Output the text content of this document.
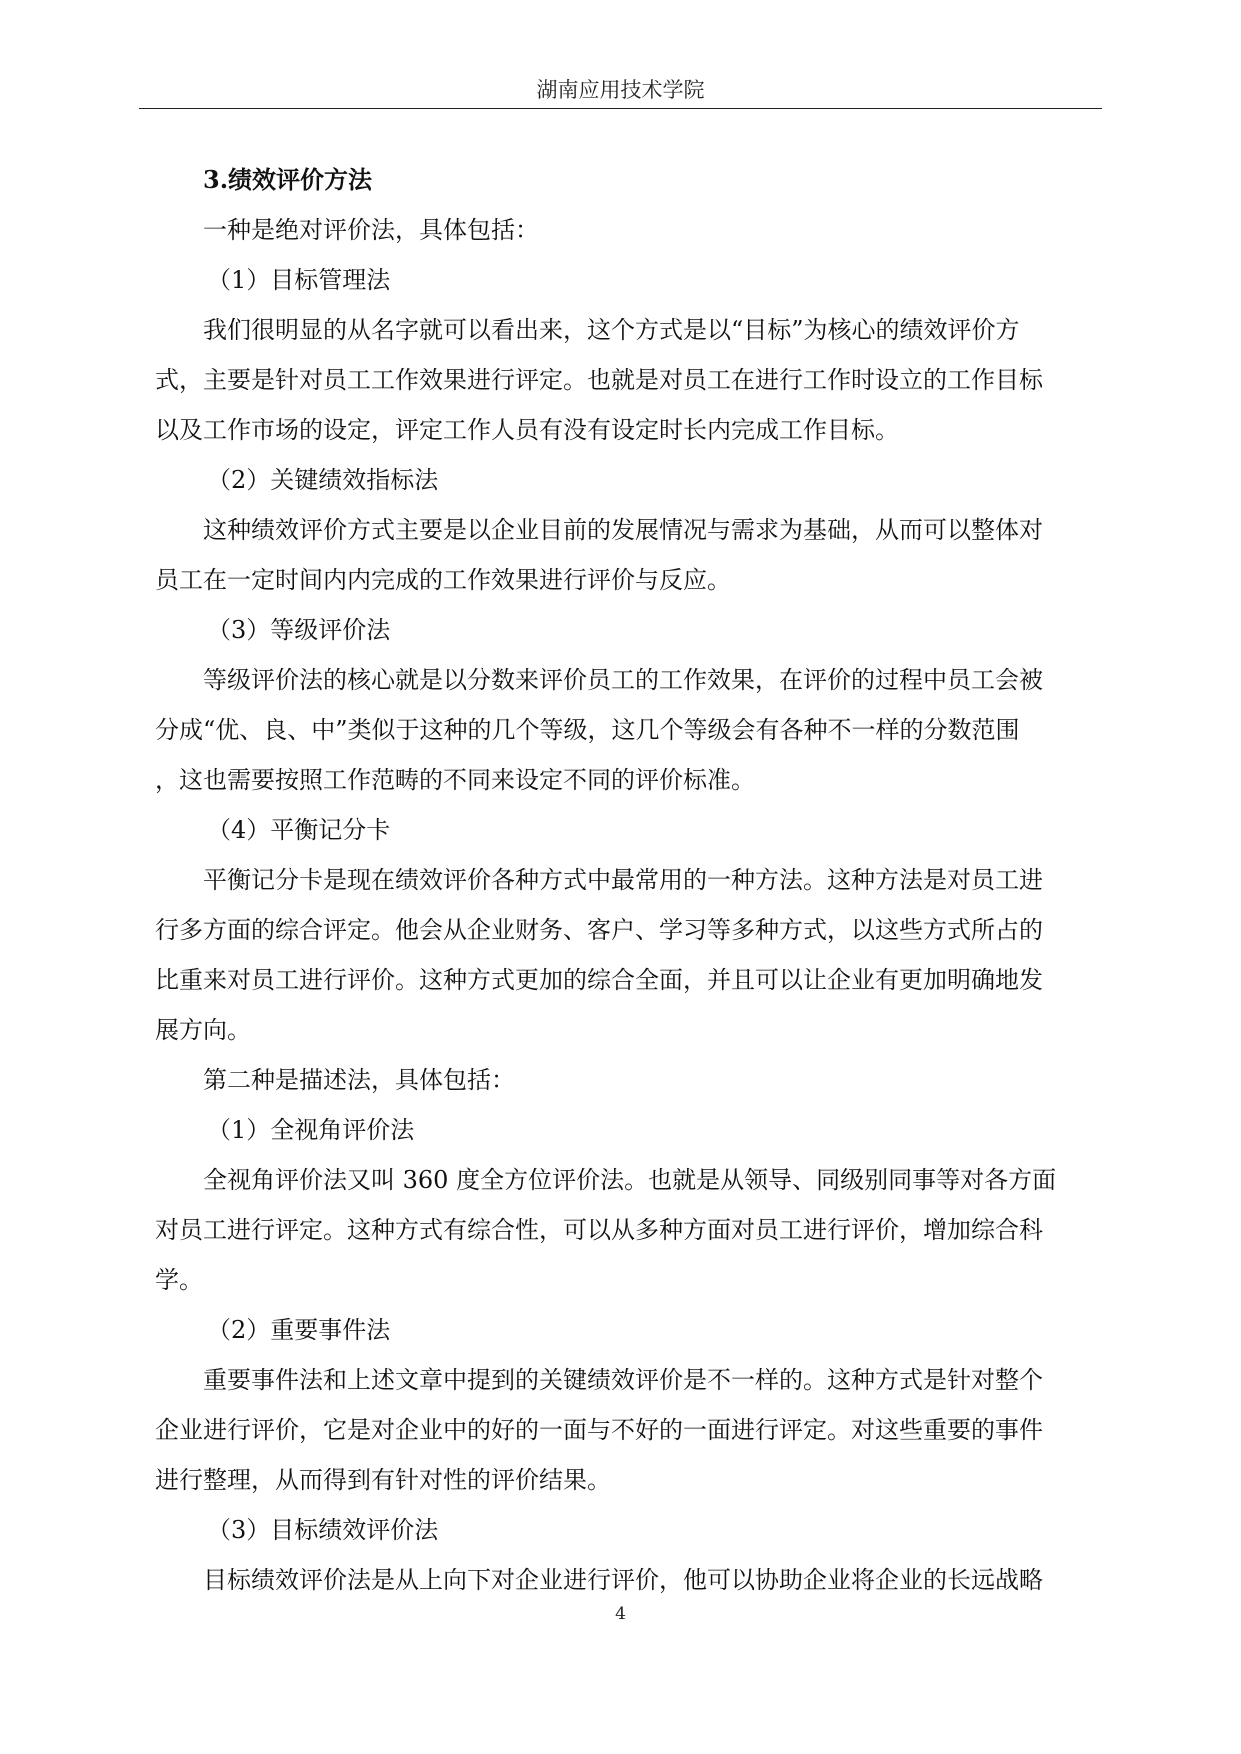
湖南应用技术学院
3.绩效评价方法
一种是绝对评价法，具体包括：
（1）目标管理法
我们很明显的从名字就可以看出来，这个方式是以“目标”为核心的绩效评价方
式，主要是针对员工工作效果进行评定。也就是对员工在进行工作时设立的工作目标
以及工作市场的设定，评定工作人员有没有设定时长内完成工作目标。
（2）关键绩效指标法
这种绩效评价方式主要是以企业目前的发展情况与需求为基础，从而可以整体对
员工在一定时间内内完成的工作效果进行评价与反应。
（3）等级评价法
等级评价法的核心就是以分数来评价员工的工作效果，在评价的过程中员工会被
分成“优、良、中”类似于这种的几个等级，这几个等级会有各种不一样的分数范围
，这也需要按照工作范畴的不同来设定不同的评价标准。
（4）平衡记分卡
平衡记分卡是现在绩效评价各种方式中最常用的一种方法。这种方法是对员工进
行多方面的综合评定。他会从企业财务、客户、学习等多种方式，以这些方式所占的
比重来对员工进行评价。这种方式更加的综合全面，并且可以让企业有更加明确地发
展方向。
第二种是描述法，具体包括：
（1）全视角评价法
全视角评价法又叫 360 度全方位评价法。也就是从领导、同级别同事等对各方面
对员工进行评定。这种方式有综合性，可以从多种方面对员工进行评价，增加综合科
学。
（2）重要事件法
重要事件法和上述文章中提到的关键绩效评价是不一样的。这种方式是针对整个
企业进行评价，它是对企业中的好的一面与不好的一面进行评定。对这些重要的事件
进行整理，从而得到有针对性的评价结果。
（3）目标绩效评价法
目标绩效评价法是从上向下对企业进行评价，他可以协助企业将企业的长远战略
4
